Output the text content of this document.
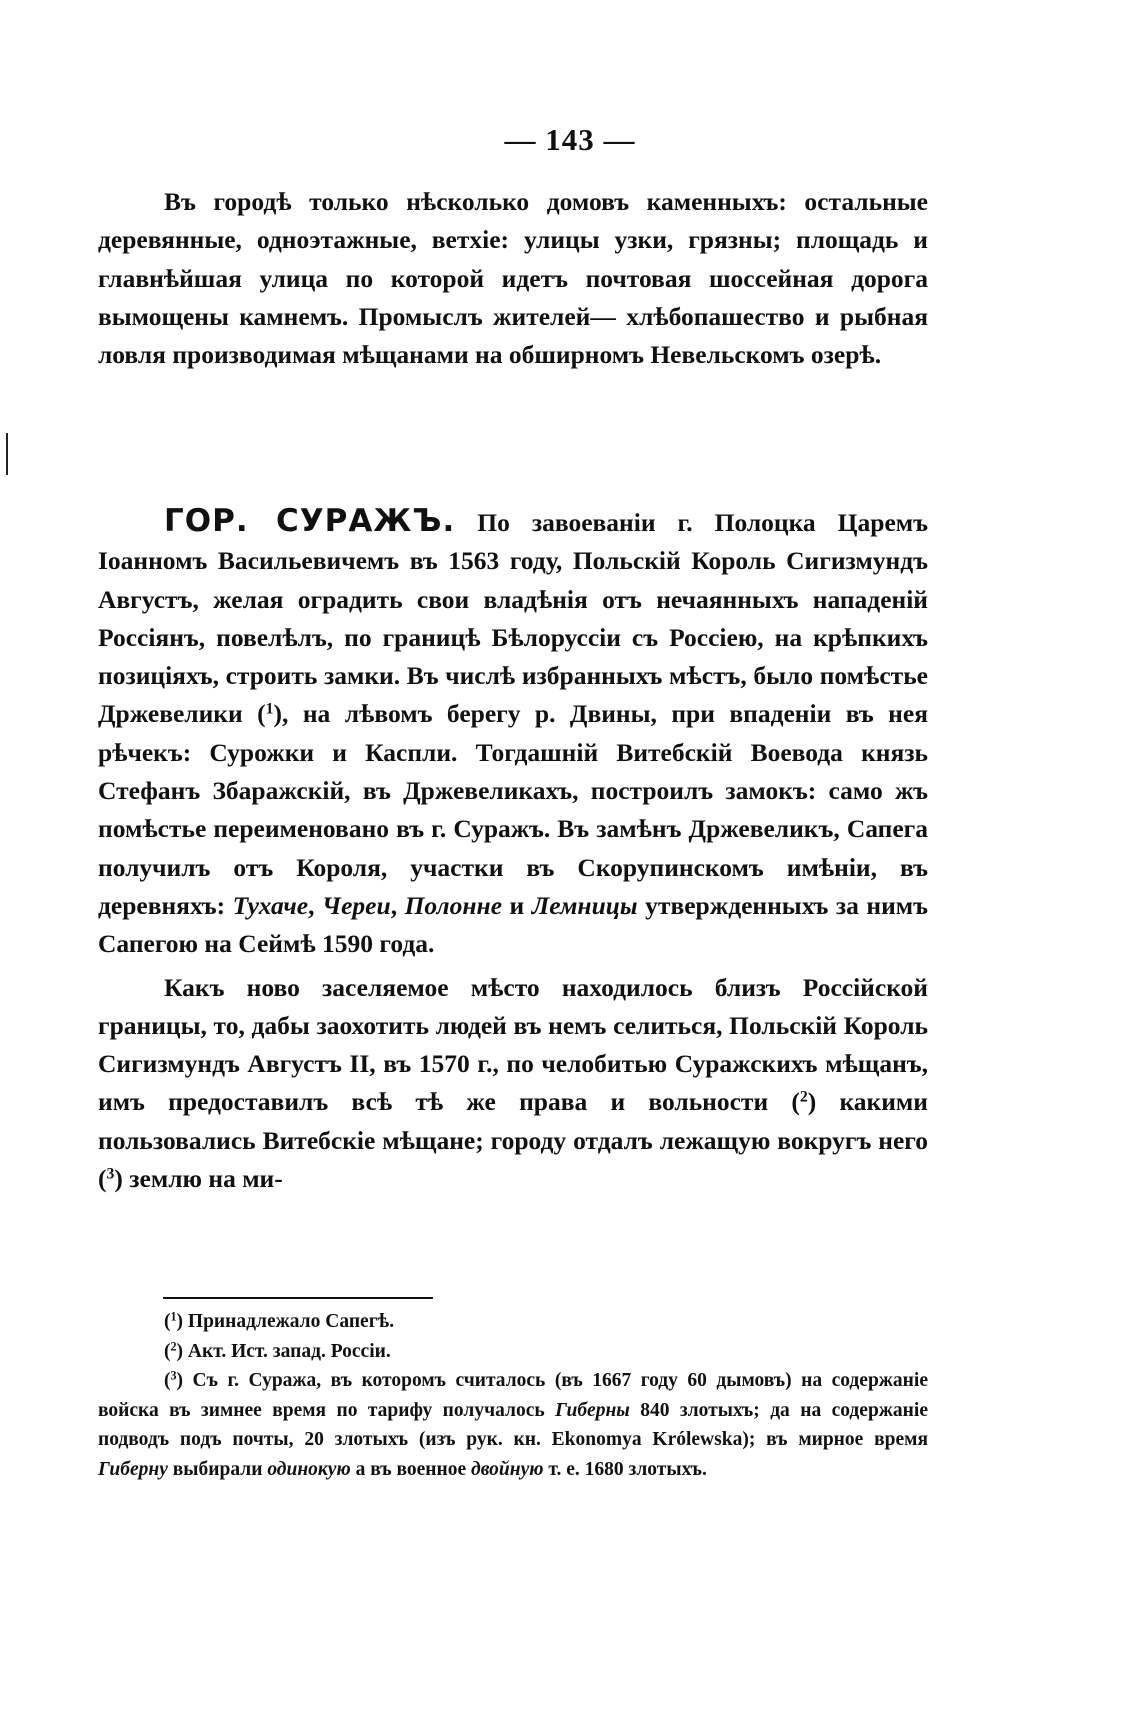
— 143 —

Въ городѣ только нѣсколько домовъ каменныхъ: остальные деревянные, одноэтажные, ветхіе: улицы узки, грязны; площадь и главнѣйшая улица по которой идетъ почтовая шоссейная дорога вымощены камнемъ. Промыслъ жителей— хлѣбопашество и рыбная ловля производимая мѣщанами на обширномъ Невельскомъ озерѣ.

ГОР. СУРАЖЪ. По завоеваніи г. Полоцка Царемъ Іоанномъ Васильевичемъ въ 1563 году, Польскій Король Сигизмундъ Августъ, желая оградить свои владѣнія отъ нечаянныхъ нападеній Россіянъ, повелѣлъ, по границѣ Бѣлоруссіи съ Россіею, на крѣпкихъ позиціяхъ, строить замки. Въ числѣ избранныхъ мѣстъ, было помѣстье Држевелики ($^1$), на лѣвомъ берегу р. Двины, при впаденіи въ нея рѣчекъ: Сурожки и Каспли. Тогдашній Витебскій Воевода князь Стефанъ Збаражскій, въ Држевеликахъ, построилъ замокъ: само жъ помѣстье переименовано въ г. Суражъ. Въ замѣнъ Држевеликъ, Сапега получилъ отъ Короля, участки въ Скорупинскомъ имѣніи, въ деревняхъ: Тухаче, Череи, Полонне и Лемницы утвержденныхъ за нимъ Сапегою на Сеймѣ 1590 года.

Какъ ново заселяемое мѣсто находилось близъ Россійской границы, то, дабы заохотить людей въ немъ селиться, Польскій Король Сигизмундъ Августъ II, въ 1570 г., по челобитью Суражскихъ мѣщанъ, имъ предоставилъ всѣ тѣ же права и вольности ($^2$) какими пользовались Витебскіе мѣщане; городу отдалъ лежащую вокругъ него ($^3$) землю на ми-

($^1$) Принадлежало Сапегѣ.

($^2$) Акт. Ист. запад. Россіи.

($^3$) Съ г. Суража, въ которомъ считалось (въ 1667 году 60 дымовъ) на содержаніе войска въ зимнее время по тарифу получалось Гиберны 840 злотыхъ; да на содержаніе подводъ подъ почты, 20 злотыхъ (изъ рук. кн. Ekonomya Królewska); въ мирное время Гиберну выбирали одинокую а въ военное двойную т. е. 1680 злотыхъ.
